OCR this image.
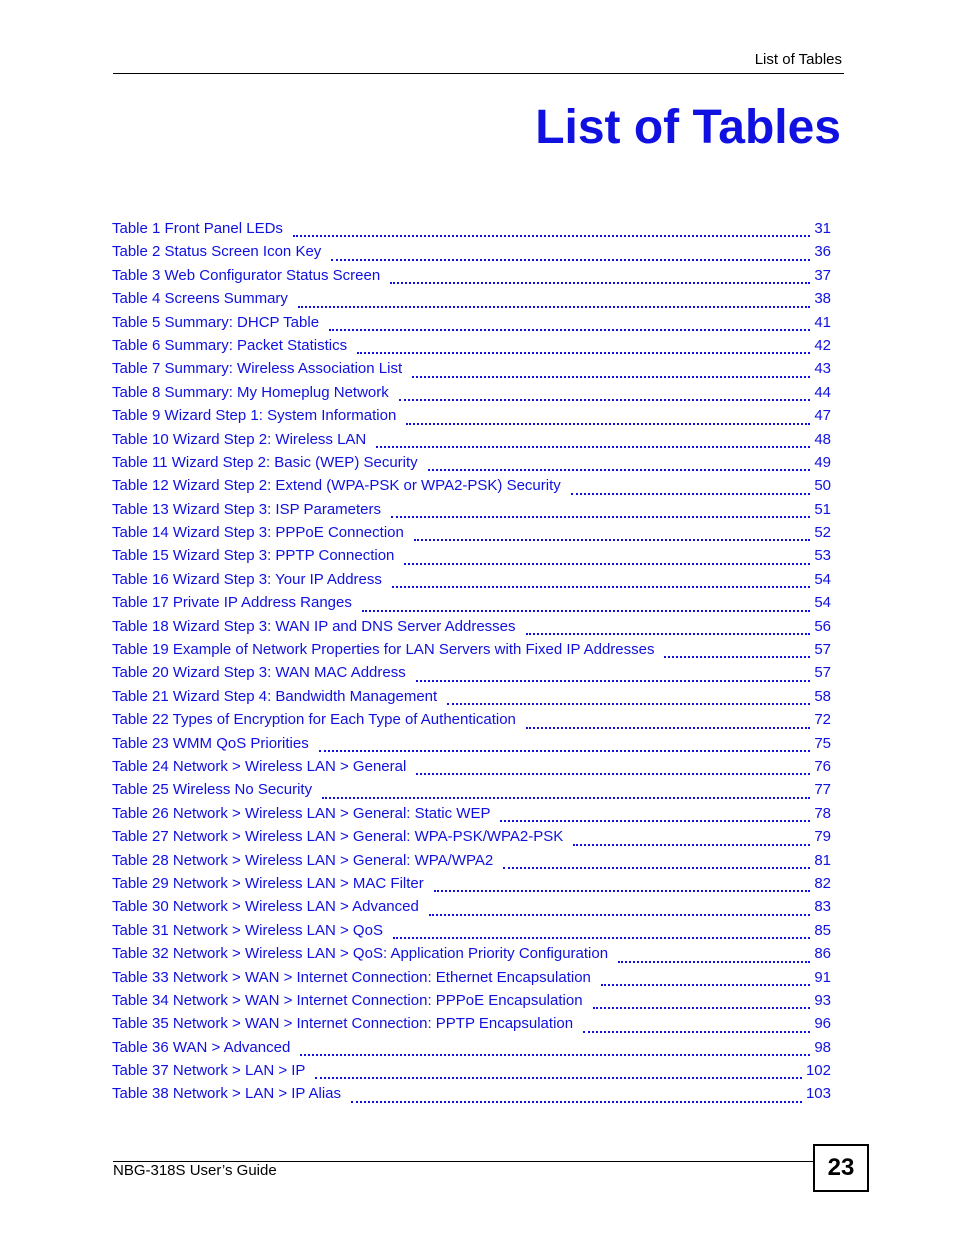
List of Tables
List of Tables
Table 1 Front Panel LEDs	31
Table 2 Status Screen Icon Key	36
Table 3 Web Configurator Status Screen	37
Table 4 Screens Summary	38
Table 5 Summary: DHCP Table	41
Table 6 Summary: Packet Statistics	42
Table 7 Summary: Wireless Association List	43
Table 8 Summary: My Homeplug Network	44
Table 9 Wizard Step 1: System Information	47
Table 10 Wizard Step 2: Wireless LAN	48
Table 11 Wizard Step 2: Basic (WEP) Security	49
Table 12 Wizard Step 2: Extend (WPA-PSK or WPA2-PSK) Security	50
Table 13 Wizard Step 3: ISP Parameters	51
Table 14 Wizard Step 3: PPPoE Connection	52
Table 15 Wizard Step 3: PPTP Connection	53
Table 16 Wizard Step 3: Your IP Address	54
Table 17 Private IP Address Ranges	54
Table 18 Wizard Step 3: WAN IP and DNS Server Addresses	56
Table 19 Example of Network Properties for LAN Servers with Fixed IP Addresses	57
Table 20 Wizard Step 3: WAN MAC Address	57
Table 21 Wizard Step 4: Bandwidth Management	58
Table 22 Types of Encryption for Each Type of Authentication	72
Table 23 WMM QoS Priorities	75
Table 24 Network > Wireless LAN > General	76
Table 25 Wireless No Security	77
Table 26 Network > Wireless LAN > General: Static WEP	78
Table 27 Network > Wireless LAN > General: WPA-PSK/WPA2-PSK	79
Table 28 Network > Wireless LAN > General: WPA/WPA2	81
Table 29 Network > Wireless LAN > MAC Filter	82
Table 30 Network > Wireless LAN > Advanced	83
Table 31 Network > Wireless LAN > QoS	85
Table 32 Network > Wireless LAN > QoS: Application Priority Configuration	86
Table 33 Network > WAN > Internet Connection: Ethernet Encapsulation	91
Table 34 Network > WAN > Internet Connection: PPPoE Encapsulation	93
Table 35 Network > WAN > Internet Connection: PPTP Encapsulation	96
Table 36 WAN > Advanced	98
Table 37 Network > LAN > IP	102
Table 38 Network > LAN > IP Alias	103
NBG-318S User’s Guide	23
